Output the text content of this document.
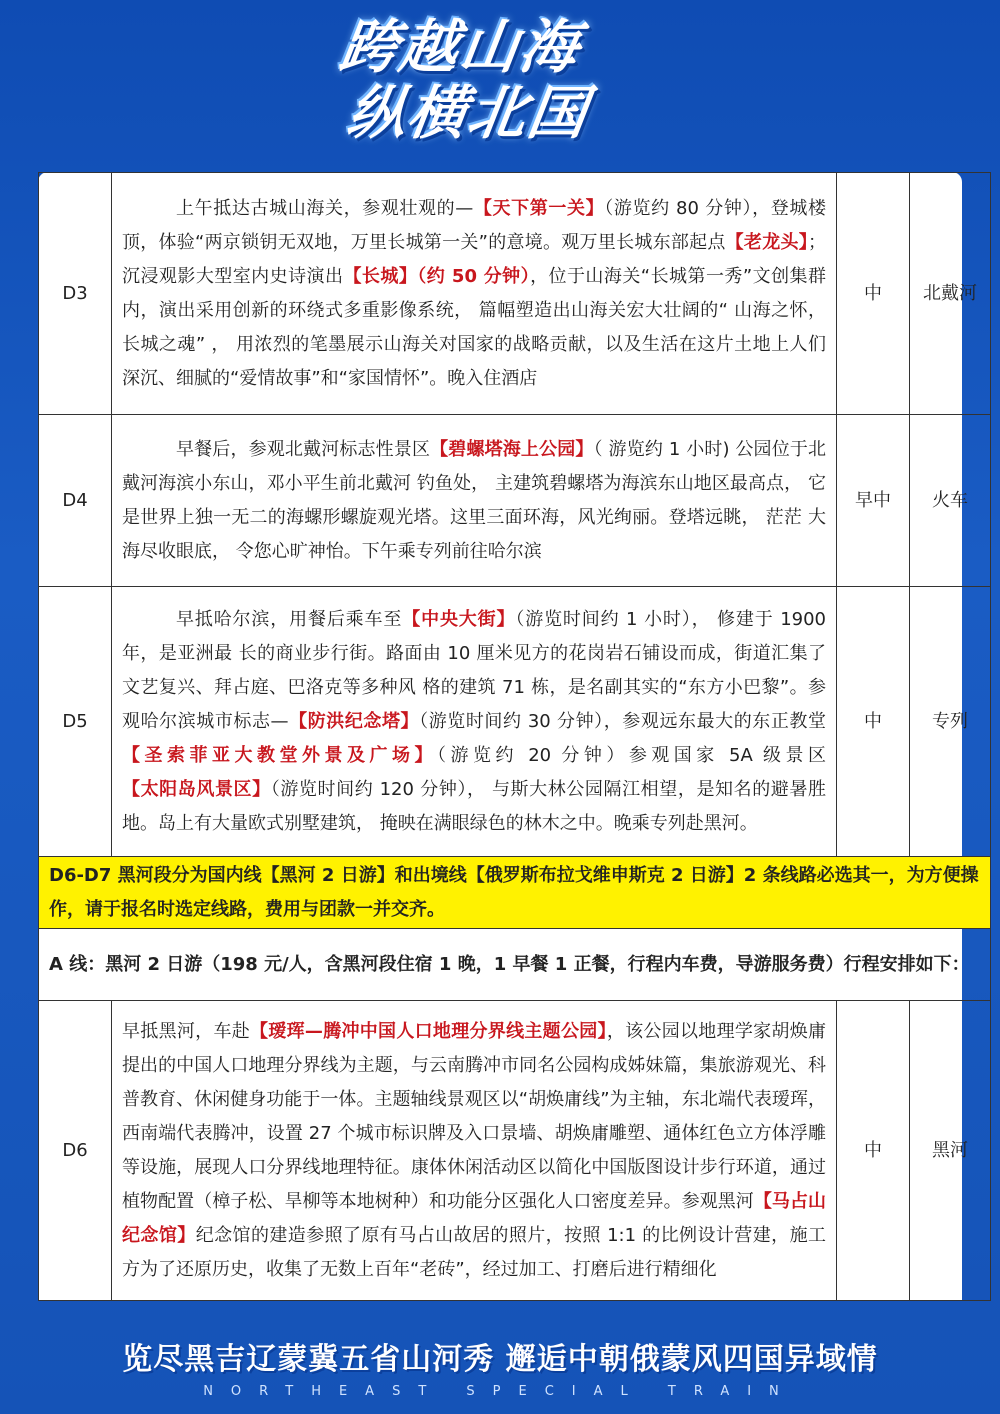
跨越山海
纵横北国
D3	上午抵达古城山海关，参观壮观的—【天下第一关】（游览约 80 分钟），登城楼顶，体验“两京锁钥无双地，万里长城第一关”的意境。观万里长城东部起点【老龙头】；沉浸观影大型室内史诗演出【长城】（约 50 分钟），位于山海关“长城第一秀”文创集群内，演出采用创新的环绕式多重影像系统， 篇幅塑造出山海关宏大壮阔的“ 山海之怀， 长城之魂” ， 用浓烈的笔墨展示山海关对国家的战略贡献，以及生活在这片土地上人们深沉、细腻的“爱情故事”和“家国情怀”。晚入住酒店	中	北戴河
D4	早餐后，参观北戴河标志性景区【碧螺塔海上公园】（ 游览约 1 小时) 公园位于北戴河海滨小东山，邓小平生前北戴河 钓鱼处， 主建筑碧螺塔为海滨东山地区最高点， 它是世界上独一无二的海螺形螺旋观光塔。这里三面环海，风光绚丽。登塔远眺， 茫茫 大海尽收眼底， 令您心旷神怡。下午乘专列前往哈尔滨	早中	火车
D5	早抵哈尔滨，用餐后乘车至【中央大街】（游览时间约 1 小时）， 修建于 1900 年，是亚洲最 长的商业步行街。路面由 10 厘米见方的花岗岩石铺设而成，街道汇集了文艺复兴、拜占庭、巴洛克等多种风 格的建筑 71 栋，是名副其实的“东方小巴黎”。参观哈尔滨城市标志—【防洪纪念塔】（游览时间约 30 分钟），参观远东最大的东正教堂【圣索菲亚大教堂外景及广场】（游览约 20 分钟）参观国家 5A 级景区【太阳岛风景区】（游览时间约 120 分钟）， 与斯大林公园隔江相望，是知名的避暑胜地。岛上有大量欧式别墅建筑， 掩映在满眼绿色的林木之中。晚乘专列赴黑河。	中	专列
D6-D7 黑河段分为国内线【黑河 2 日游】和出境线【俄罗斯布拉戈维申斯克 2 日游】2 条线路必选其一，为方便操作，请于报名时选定线路，费用与团款一并交齐。			
A 线：黑河 2 日游（198 元/人，含黑河段住宿 1 晚，1 早餐 1 正餐，行程内车费，导游服务费）行程安排如下：			
D6	早抵黑河，车赴【瑷珲—腾冲中国人口地理分界线主题公园】，该公园以地理学家胡焕庸提出的中国人口地理分界线为主题，与云南腾冲市同名公园构成姊妹篇，集旅游观光、科普教育、休闲健身功能于一体。主题轴线景观区以“胡焕庸线”为主轴，东北端代表瑷珲，西南端代表腾冲，设置 27 个城市标识牌及入口景墙、胡焕庸雕塑、通体红色立方体浮雕等设施，展现人口分界线地理特征。康体休闲活动区以简化中国版图设计步行环道，通过植物配置（樟子松、旱柳等本地树种）和功能分区强化人口密度差异。参观黑河【马占山纪念馆】纪念馆的建造参照了原有马占山故居的照片，按照 1:1 的比例设计营建，施工方为了还原历史，收集了无数上百年“老砖”，经过加工、打磨后进行精细化	中	黑河
览尽黑吉辽蒙冀五省山河秀 邂逅中朝俄蒙风四国异域情
NORTHEAST SPECIAL TRAIN
